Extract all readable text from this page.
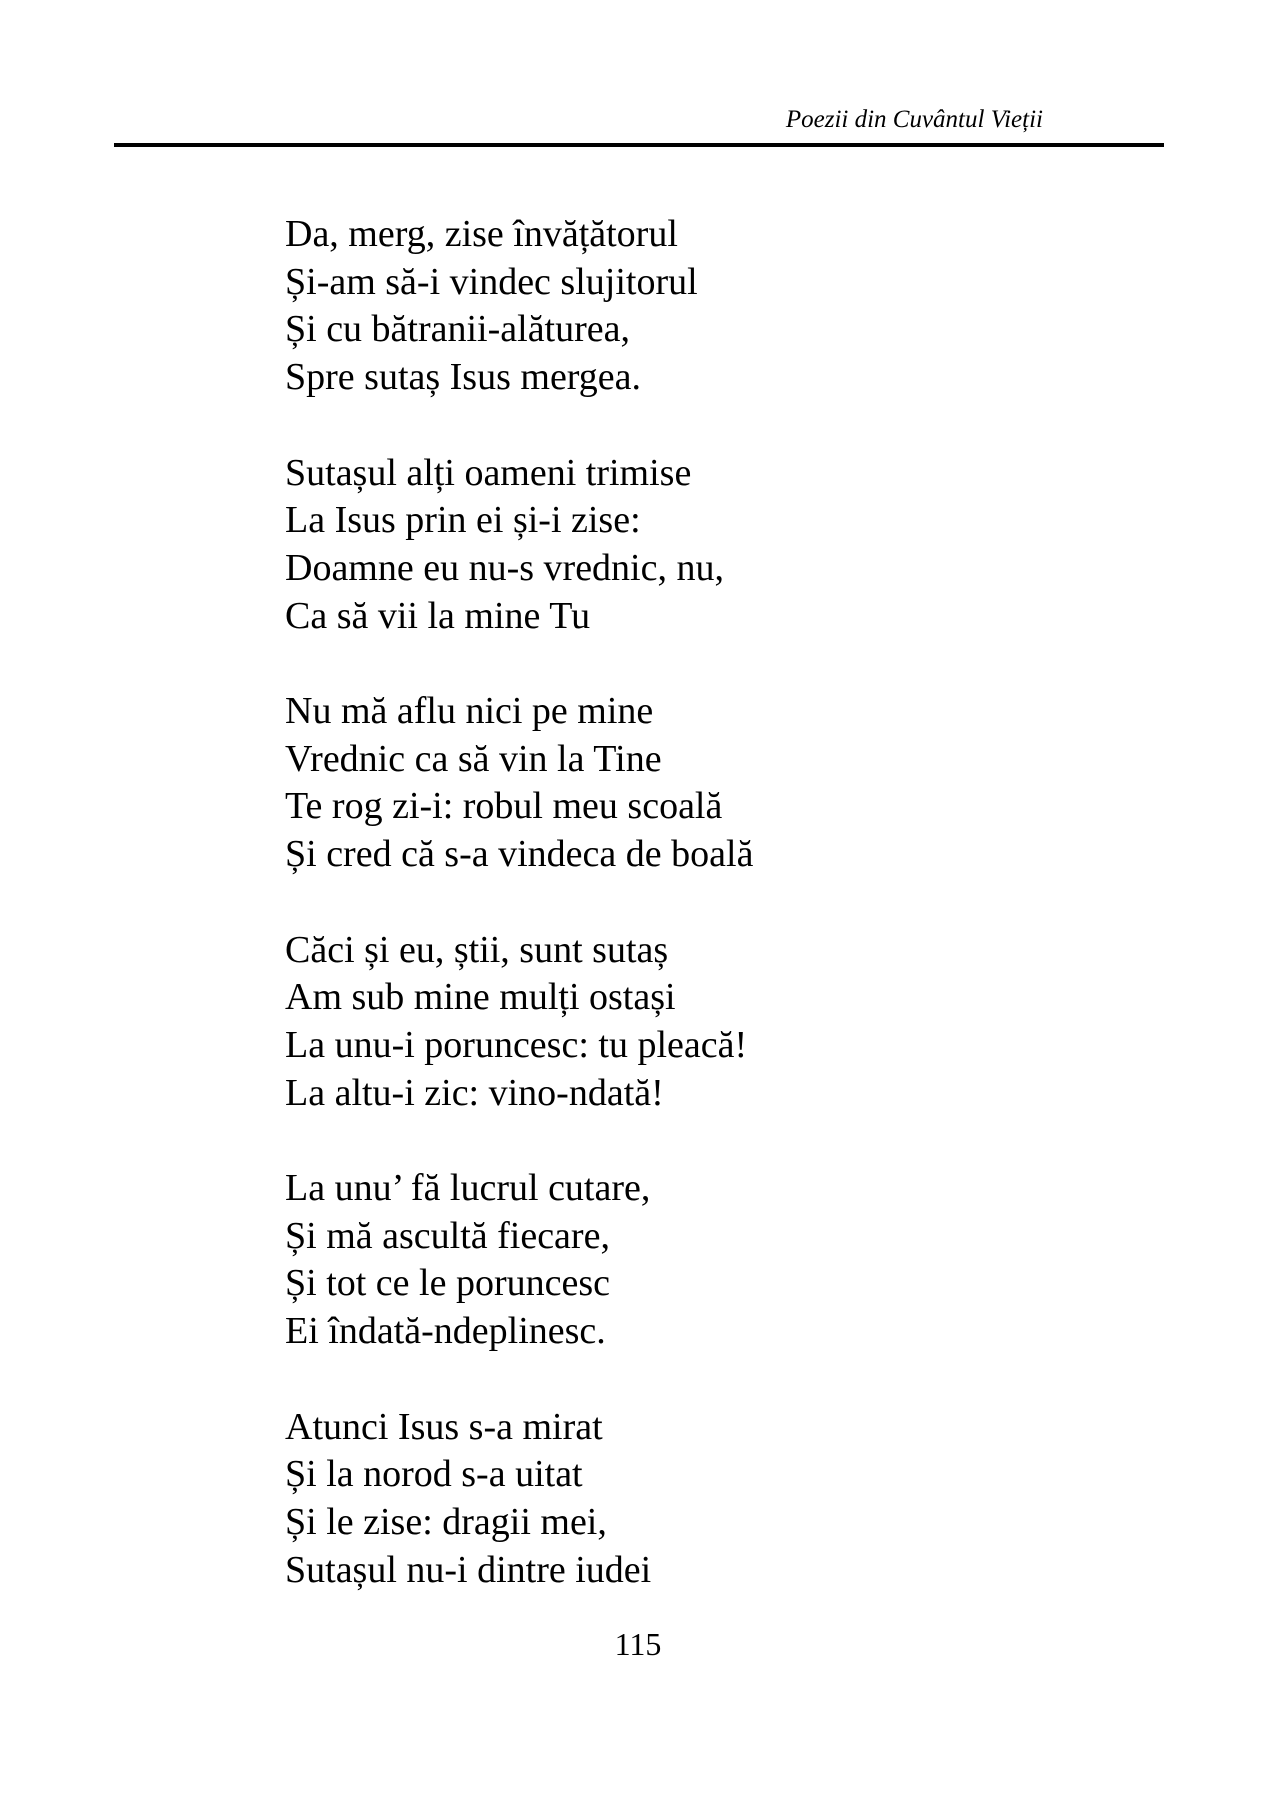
Poezii din Cuvântul Vieții
Da, merg, zise învățătorul
Și-am să-i vindec slujitorul
Și cu bătranii-alăturea,
Spre sutaș Isus mergea.
Sutașul alți oameni trimise
La Isus prin ei și-i zise:
Doamne eu nu-s vrednic, nu,
Ca să vii la mine Tu
Nu mă aflu nici pe mine
Vrednic ca să vin la Tine
Te rog zi-i: robul meu scoală
Și cred că s-a vindeca de boală
Căci și eu, știi, sunt sutaș
Am sub mine mulți ostași
La unu-i poruncesc: tu pleacă!
La altu-i zic: vino-ndată!
La unu’ fă lucrul cutare,
Și mă ascultă fiecare,
Și tot ce le poruncesc
Ei îndată-ndeplinesc.
Atunci Isus s-a mirat
Și la norod s-a uitat
Și le zise: dragii mei,
Sutașul nu-i dintre iudei
115
